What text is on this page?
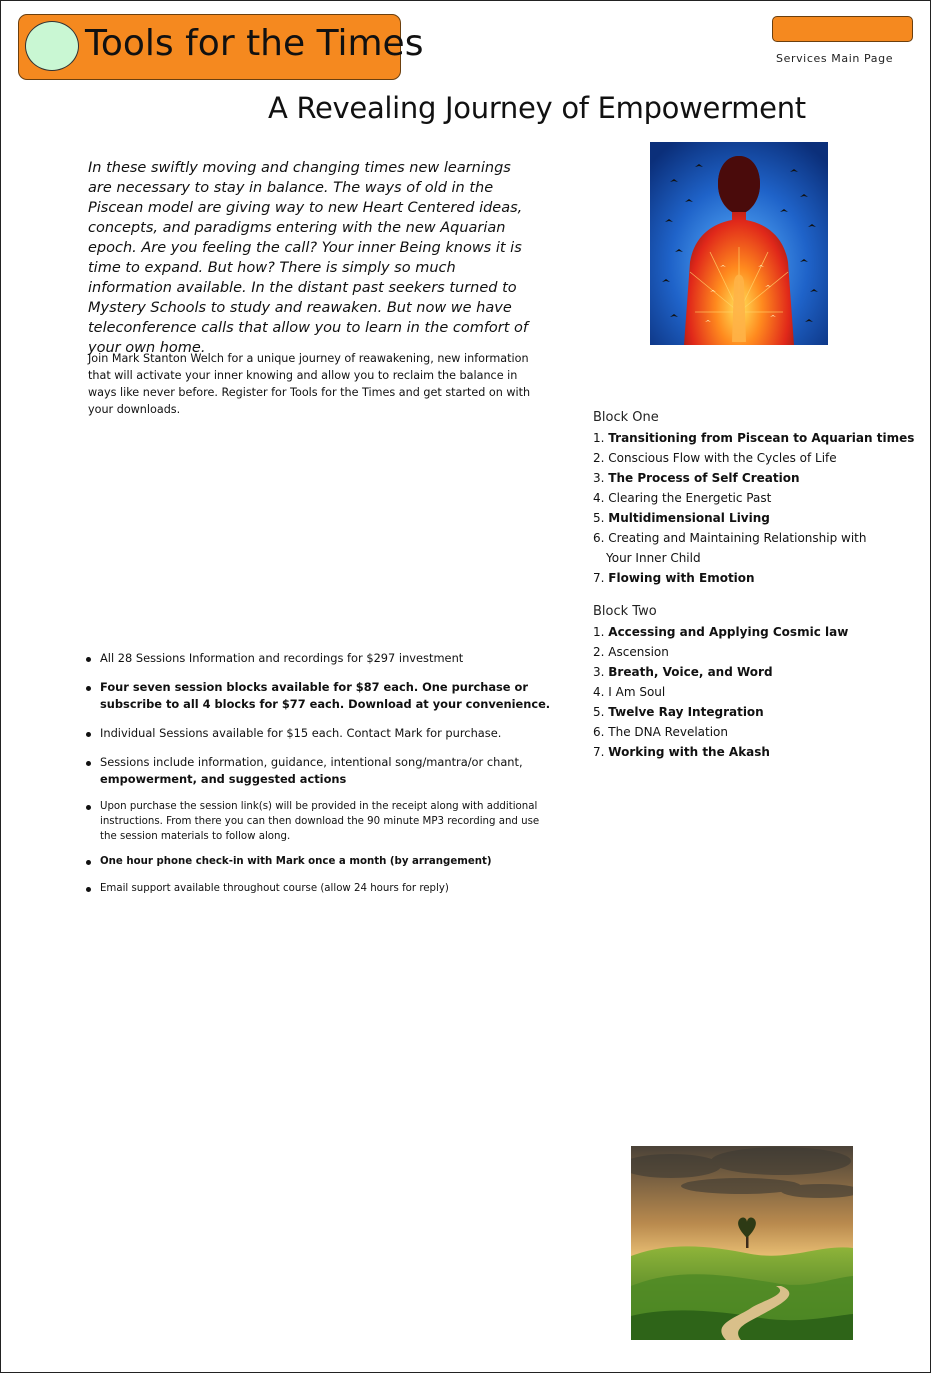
Tools for the Times	Services Main Page
A Revealing Journey of Empowerment

In these swiftly moving and changing times new learnings are necessary to stay in balance. The ways of old in the Piscean model are giving way to new Heart Centered ideas, concepts, and paradigms entering with the new Aquarian epoch. Are you feeling the call? Your inner Being knows it is time to expand. But how? There is simply so much information available. In the distant past seekers turned to Mystery Schools to study and reawaken. But now we have teleconference calls that allow you to learn in the comfort of your own home.

Join Mark Stanton Welch for a unique journey of reawakening, new information that will activate your inner knowing and allow you to reclaim the balance in ways like never before. Register for Tools for the Times and get started on with your downloads.

Block One
1. Transitioning from Piscean to Aquarian times
2. Conscious Flow with the Cycles of Life
3. The Process of Self Creation
4. Clearing the Energetic Past
5. Multidimensional Living
6. Creating and Maintaining Relationship with
Your Inner Child
7. Flowing with Emotion
Block Two
1. Accessing and Applying Cosmic law
2. Ascension
3. Breath, Voice, and Word
4. I Am Soul
5. Twelve Ray Integration
6. The DNA Revelation
7. Working with the Akash
All 28 Sessions Information and recordings for $297 investment
Four seven session blocks available for $87 each. One purchase or subscribe to all 4 blocks for $77 each. Download at your convenience.
Individual Sessions available for $15 each. Contact Mark for purchase.
Sessions include information, guidance, intentional song/mantra/or chant,
empowerment, and suggested actions
Upon purchase the session link(s) will be provided in the receipt along with additional instructions. From there you can then download the 90 minute MP3 recording and use the session materials to follow along.
One hour phone check-in with Mark once a month (by arrangement)
Email support available throughout course (allow 24 hours for reply)
